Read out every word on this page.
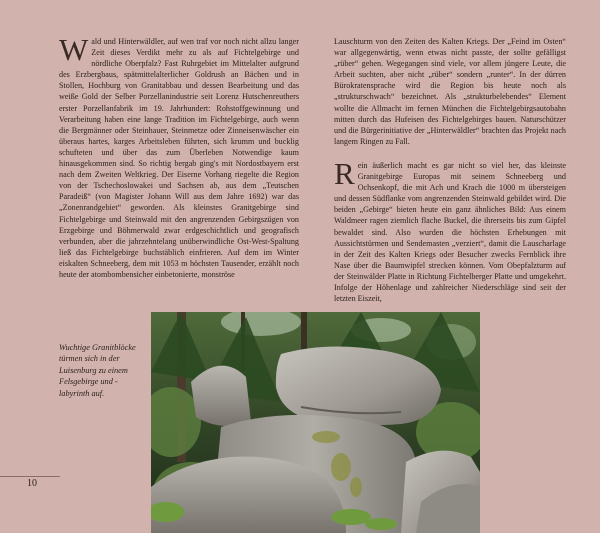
Wald und Hinterwäldler, auf wen traf vor noch nicht allzu langer Zeit dieses Verdikt mehr zu als auf Fichtelgebirge und nördliche Oberpfalz? Fast Ruhrgebiet im Mittelalter aufgrund des Erzbergbaus, spätmittelalterlicher Goldrush an Bächen und in Stollen, Hochburg von Granitabbau und dessen Bearbeitung und das weiße Gold der Selber Porzellanindustrie seit Lorenz Hutschenreuthers erster Porzellanfabrik im 19. Jahrhundert: Rohstoffgewinnung und Verarbeitung haben eine lange Tradition im Fichtelgebirge, auch wenn die Bergmänner oder Steinhauer, Steinmetze oder Zinneisenwäscher ein überaus hartes, karges Arbeitsleben führten, sich krumm und bucklig schufteten und über das zum Überleben Notwendige kaum hinausgekommen sind. So richtig bergab ging's mit Nordostbayern erst nach dem Zweiten Weltkrieg. Der Eiserne Vorhang riegelte die Region von der Tschechoslowakei und Sachsen ab, aus dem „Teutschen Paradeiß“ (von Magister Johann Will aus dem Jahre 1692) war das „Zonenrandgebiet“ geworden. Als kleinstes Granitgebirge sind Fichtelgebirge und Steinwald mit den angrenzenden Gebirgszügen von Erzgebirge und Böhmerwald zwar erdgeschichtlich und geografisch verbunden, aber die jahrzehntelang unüberwindliche Ost-West-Spaltung ließ das Fichtelgebirge buchstäblich einfrieren. Auf dem im Winter eiskalten Schneeberg, dem mit 1053 m höchsten Tausender, erzählt noch heute der atombombensicher einbetonierte, monströse

Lauschturm von den Zeiten des Kalten Kriegs. Der „Feind im Osten“ war allgegenwärtig, wenn etwas nicht passte, der sollte gefälligst „rüber“ gehen. Wegegangen sind viele, vor allem jüngere Leute, die Arbeit suchten, aber nicht „rüber“ sondern „runter“. In der dürren Bürokratensprache wird die Region bis heute noch als „strukturschwach“ bezeichnet. Als „strukturbelebendes“ Element wollte die Allmacht im fernen München die Fichtelgebirgsautobahn mitten durch das Hufeisen des Fichtelgebirges bauen. Naturschützer und die Bürgerinitiative der „Hinterwäldler“ brachten das Projekt nach langem Ringen zu Fall.

Rein äußerlich macht es gar nicht so viel her, das kleinste Granitgebirge Europas mit seinem Schneeberg und Ochsenkopf, die mit Ach und Krach die 1000 m übersteigen und dessen Südflanke vom angrenzenden Steinwald gebildet wird. Die beiden „Gebirge“ bieten heute ein ganz ähnliches Bild: Aus einem Waldmeer ragen ziemlich flache Buckel, die ihrerseits bis zum Gipfel bewaldet sind. Also wurden die höchsten Erhebungen mit Aussichtstürmen und Sendemasten „verziert“, damit die Lauscharlage in der Zeit des Kalten Kriegs oder Besucher zwecks Fernblick ihre Nase über die Baumwipfel strecken können. Vom Obepfalzturm auf der Steinwälder Platte in Richtung Fichtelberger Platte und umgekehrt. Infolge der Höhenlage und zahlreicher Niederschläge sind seit der letzten Eiszeit,

Wuchtige Granitblöcke türmen sich in der Luisenburg zu einem Felsgebirge und -labyrinth auf.
10
